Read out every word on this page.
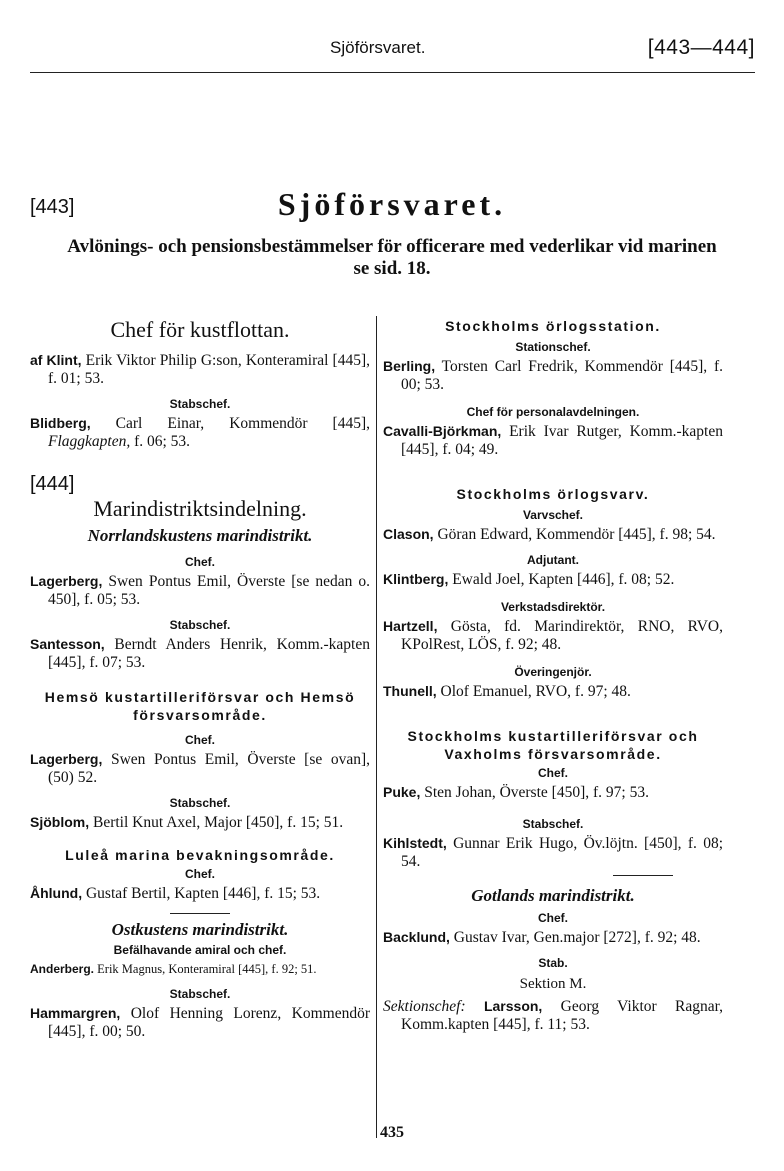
Sjöförsvaret.	[443—444]
[443]	Sjöförsvaret.
Avlönings- och pensionsbestämmelser för officerare med vederlikar vid marinen se sid. 18.
Chef för kustflottan.
af Klint, Erik Viktor Philip G:son, Konteramiral [445], f. 01; 53.
Stabschef.
Blidberg, Carl Einar, Kommendör [445], Flaggkapten, f. 06; 53.
[444]
Marindistriktsindelning.
Norrlandskustens marindistrikt.
Chef.
Lagerberg, Swen Pontus Emil, Överste [se nedan o. 450], f. 05; 53.
Stabschef.
Santesson, Berndt Anders Henrik, Komm.-kapten [445], f. 07; 53.
Hemsö kustartilleriförsvar och Hemsö försvarsområde.
Chef.
Lagerberg, Swen Pontus Emil, Överste [se ovan], (50) 52.
Stabschef.
Sjöblom, Bertil Knut Axel, Major [450], f. 15; 51.
Luleå marina bevakningsområde.
Chef.
Åhlund, Gustaf Bertil, Kapten [446], f. 15; 53.
Ostkustens marindistrikt.
Befälhavande amiral och chef.
Anderberg. Erik Magnus, Konteramiral [445], f. 92; 51.
Stabschef.
Hammargren, Olof Henning Lorenz, Kommendör [445], f. 00; 50.
Stockholms örlogsstation.
Stationschef.
Berling, Torsten Carl Fredrik, Kommendör [445], f. 00; 53.
Chef för personalavdelningen.
Cavalli-Björkman, Erik Ivar Rutger, Komm.-kapten [445], f. 04; 49.
Stockholms örlogsvarv.
Varvschef.
Clason, Göran Edward, Kommendör [445], f. 98; 54.
Adjutant.
Klintberg, Ewald Joel, Kapten [446], f. 08; 52.
Verkstadsdirektör.
Hartzell, Gösta, fd. Marindirektör, RNO, RVO, KPolRest, LÖS, f. 92; 48.
Överingenjör.
Thunell, Olof Emanuel, RVO, f. 97; 48.
Stockholms kustartilleriförsvar och Vaxholms försvarsområde.
Chef.
Puke, Sten Johan, Överste [450], f. 97; 53.
Stabschef.
Kihlstedt, Gunnar Erik Hugo, Öv.löjtn. [450], f. 08; 54.
Gotlands marindistrikt.
Chef.
Backlund, Gustav Ivar, Gen.major [272], f. 92; 48.
Stab.
Sektion M.
Sektionschef: Larsson, Georg Viktor Ragnar, Komm.kapten [445], f. 11; 53.
435
